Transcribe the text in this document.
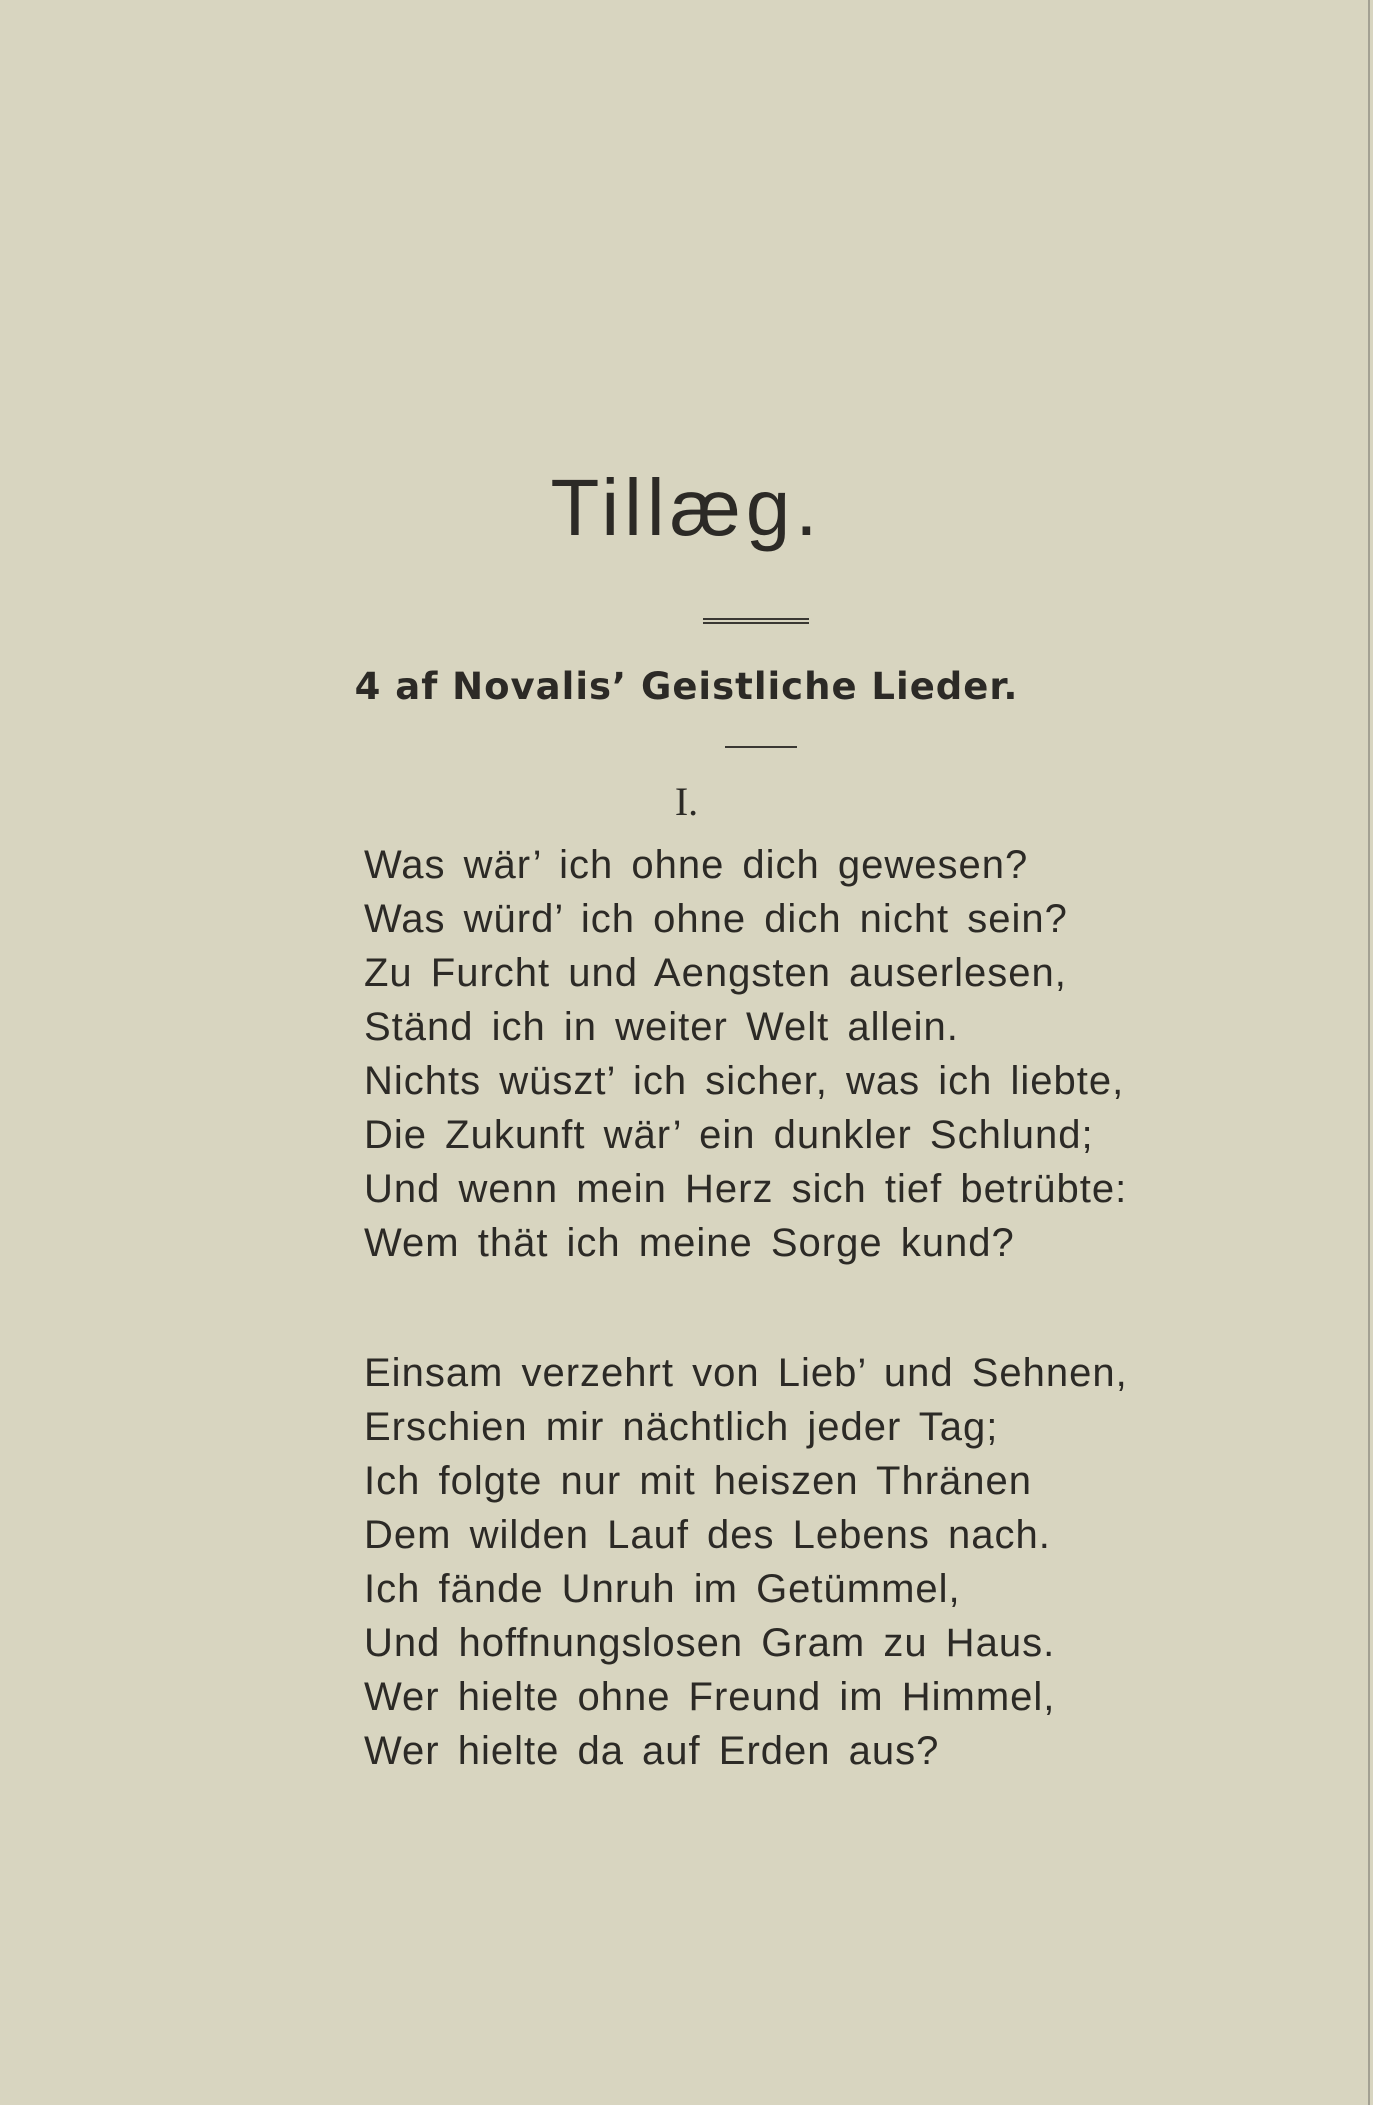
Tillæg.
4 af Novalis’ Geistliche Lieder.
I.
Was wär’ ich ohne dich gewesen?
Was würd’ ich ohne dich nicht sein?
Zu Furcht und Aengsten auserlesen,
Ständ ich in weiter Welt allein.
Nichts wüszt’ ich sicher, was ich liebte,
Die Zukunft wär’ ein dunkler Schlund;
Und wenn mein Herz sich tief betrübte:
Wem thät ich meine Sorge kund?
Einsam verzehrt von Lieb’ und Sehnen,
Erschien mir nächtlich jeder Tag;
Ich folgte nur mit heiszen Thränen
Dem wilden Lauf des Lebens nach.
Ich fände Unruh im Getümmel,
Und hoffnungslosen Gram zu Haus.
Wer hielte ohne Freund im Himmel,
Wer hielte da auf Erden aus?
